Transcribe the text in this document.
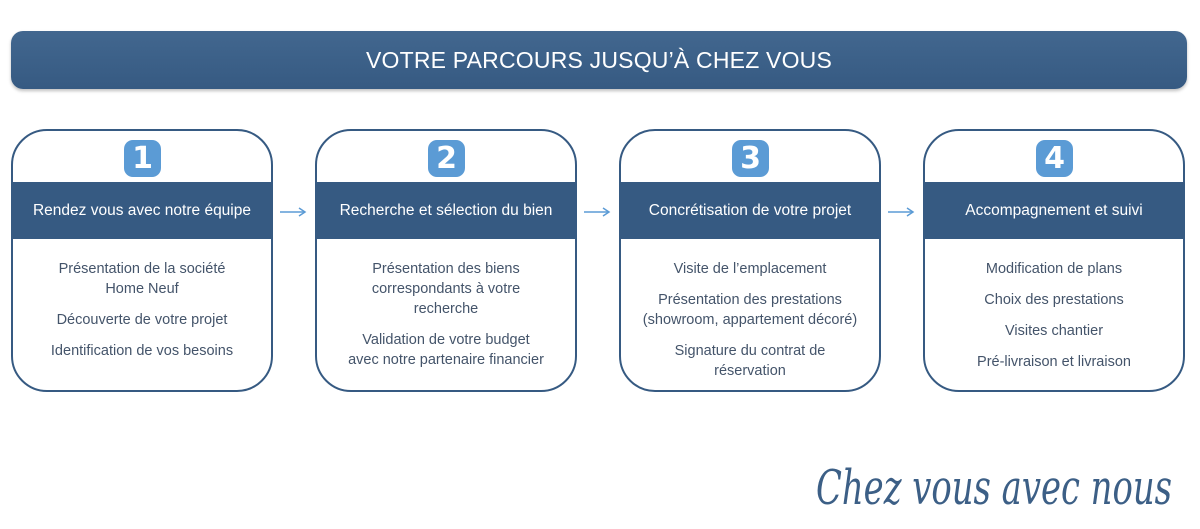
VOTRE PARCOURS JUSQU’À CHEZ VOUS
1
Rendez vous avec notre équipe
Présentation de la société
Home Neuf
Découverte de votre projet
Identification de vos besoins
2
Recherche et sélection du bien
Présentation des biens
correspondants à votre
recherche
Validation de votre budget
avec notre partenaire financier
3
Concrétisation de votre projet
Visite de l’emplacement
Présentation des prestations
(showroom, appartement décoré)
Signature du contrat de
réservation
4
Accompagnement et suivi
Modification de plans
Choix des prestations
Visites chantier
Pré-livraison et livraison
Chez vous avec nous
